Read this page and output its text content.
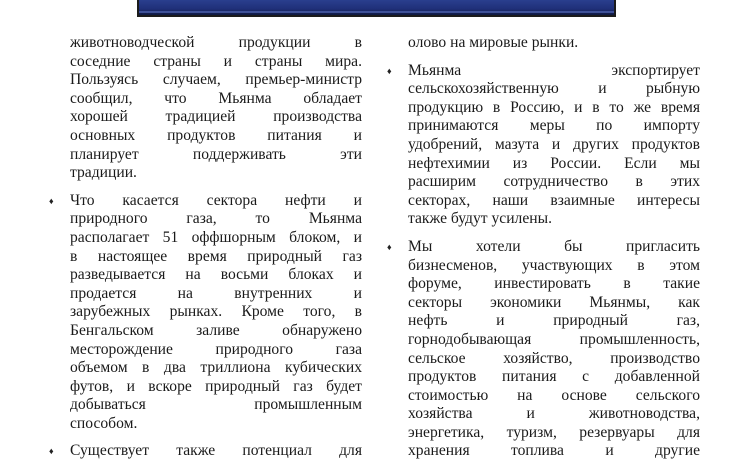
животноводческой продукции в
соседние страны и страны мира.
Пользуясь случаем, премьер-министр
сообщил, что Мьянма обладает
хорошей традицией производства
основных продуктов питания и
планирует поддерживать эти
традиции.
♦ Что касается сектора нефти и
природного газа, то Мьянма
располагает 51 оффшорным блоком, и
в настоящее время природный газ
разведывается на восьми блоках и
продается на внутренних и
зарубежных рынках. Кроме того, в
Бенгальском заливе обнаружено
месторождение природного газа
объемом в два триллиона кубических
футов, и вскоре природный газ будет
добываться промышленным
способом.
♦ Существует также потенциал для
олово на мировые рынки.
♦ Мьянма экспортирует
сельскохозяйственную и рыбную
продукцию в Россию, и в то же время
принимаются меры по импорту
удобрений, мазута и других продуктов
нефтехимии из России. Если мы
расширим сотрудничество в этих
секторах, наши взаимные интересы
также будут усилены.
♦ Мы хотели бы пригласить
бизнесменов, участвующих в этом
форуме, инвестировать в такие
секторы экономики Мьянмы, как
нефть и природный газ,
горнодобывающая промышленность,
сельское хозяйство, производство
продуктов питания с добавленной
стоимостью на основе сельского
хозяйства и животноводства,
энергетика, туризм, резервуары для
хранения топлива и другие
